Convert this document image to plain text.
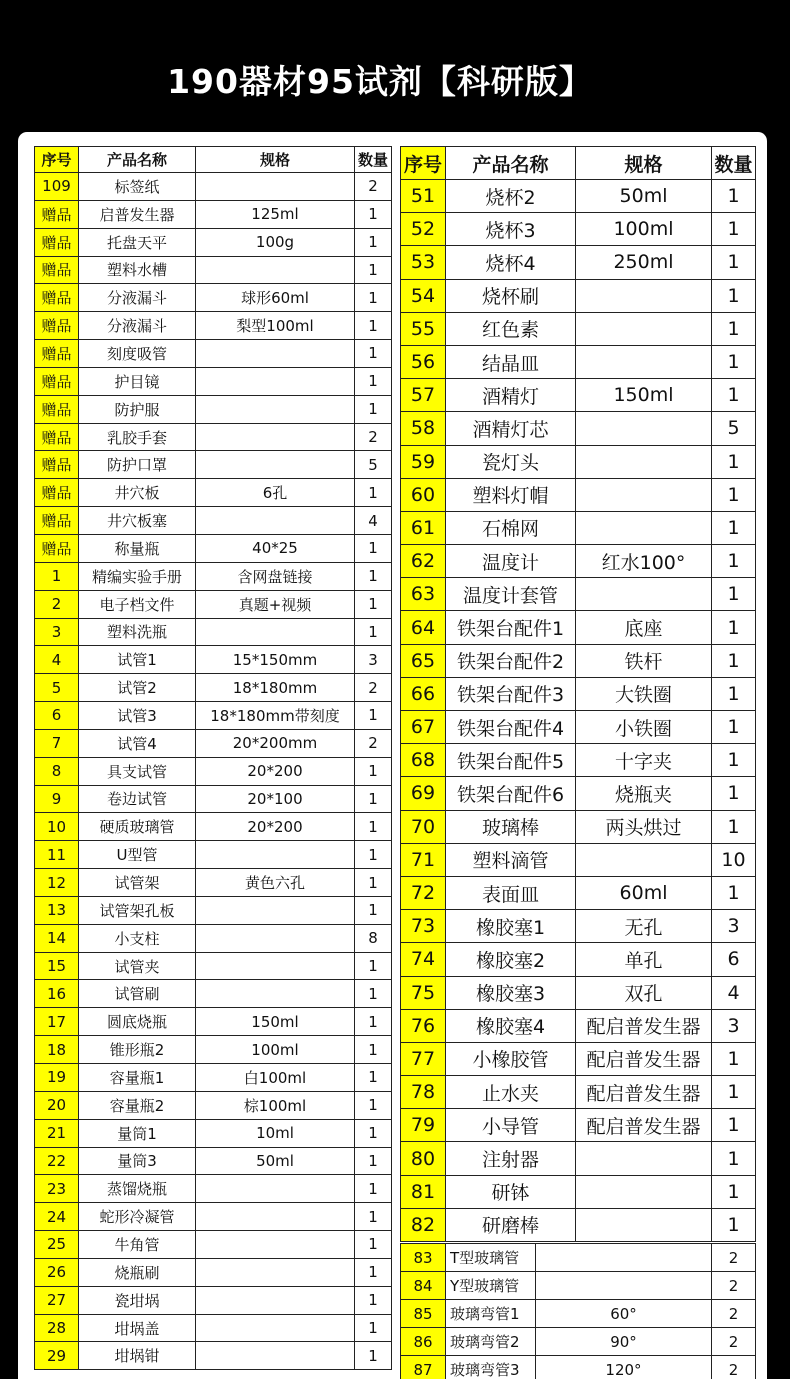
190器材95试剂【科研版】
序号	产品名称	规格	数量
109	标签纸		2
赠品	启普发生器	125ml	1
赠品	托盘天平	100g	1
赠品	塑料水槽		1
赠品	分液漏斗	球形60ml	1
赠品	分液漏斗	梨型100ml	1
赠品	刻度吸管		1
赠品	护目镜		1
赠品	防护服		1
赠品	乳胶手套		2
赠品	防护口罩		5
赠品	井穴板	6孔	1
赠品	井穴板塞		4
赠品	称量瓶	40*25	1
1	精编实验手册	含网盘链接	1
2	电子档文件	真题+视频	1
3	塑料洗瓶		1
4	试管1	15*150mm	3
5	试管2	18*180mm	2
6	试管3	18*180mm带刻度	1
7	试管4	20*200mm	2
8	具支试管	20*200	1
9	卷边试管	20*100	1
10	硬质玻璃管	20*200	1
11	U型管		1
12	试管架	黄色六孔	1
13	试管架孔板		1
14	小支柱		8
15	试管夹		1
16	试管刷		1
17	圆底烧瓶	150ml	1
18	锥形瓶2	100ml	1
19	容量瓶1	白100ml	1
20	容量瓶2	棕100ml	1
21	量筒1	10ml	1
22	量筒3	50ml	1
23	蒸馏烧瓶		1
24	蛇形冷凝管		1
25	牛角管		1
26	烧瓶刷		1
27	瓷坩埚		1
28	坩埚盖		1
29	坩埚钳		1
序号	产品名称	规格	数量
51	烧杯2	50ml	1
52	烧杯3	100ml	1
53	烧杯4	250ml	1
54	烧杯刷		1
55	红色素		1
56	结晶皿		1
57	酒精灯	150ml	1
58	酒精灯芯		5
59	瓷灯头		1
60	塑料灯帽		1
61	石棉网		1
62	温度计	红水100°	1
63	温度计套管		1
64	铁架台配件1	底座	1
65	铁架台配件2	铁杆	1
66	铁架台配件3	大铁圈	1
67	铁架台配件4	小铁圈	1
68	铁架台配件5	十字夹	1
69	铁架台配件6	烧瓶夹	1
70	玻璃棒	两头烘过	1
71	塑料滴管		10
72	表面皿	60ml	1
73	橡胶塞1	无孔	3
74	橡胶塞2	单孔	6
75	橡胶塞3	双孔	4
76	橡胶塞4	配启普发生器	3
77	小橡胶管	配启普发生器	1
78	止水夹	配启普发生器	1
79	小导管	配启普发生器	1
80	注射器		1
81	研钵		1
82	研磨棒		1
83	T型玻璃管		2
84	Y型玻璃管		2
85	玻璃弯管1	60°	2
86	玻璃弯管2	90°	2
87	玻璃弯管3	120°	2
